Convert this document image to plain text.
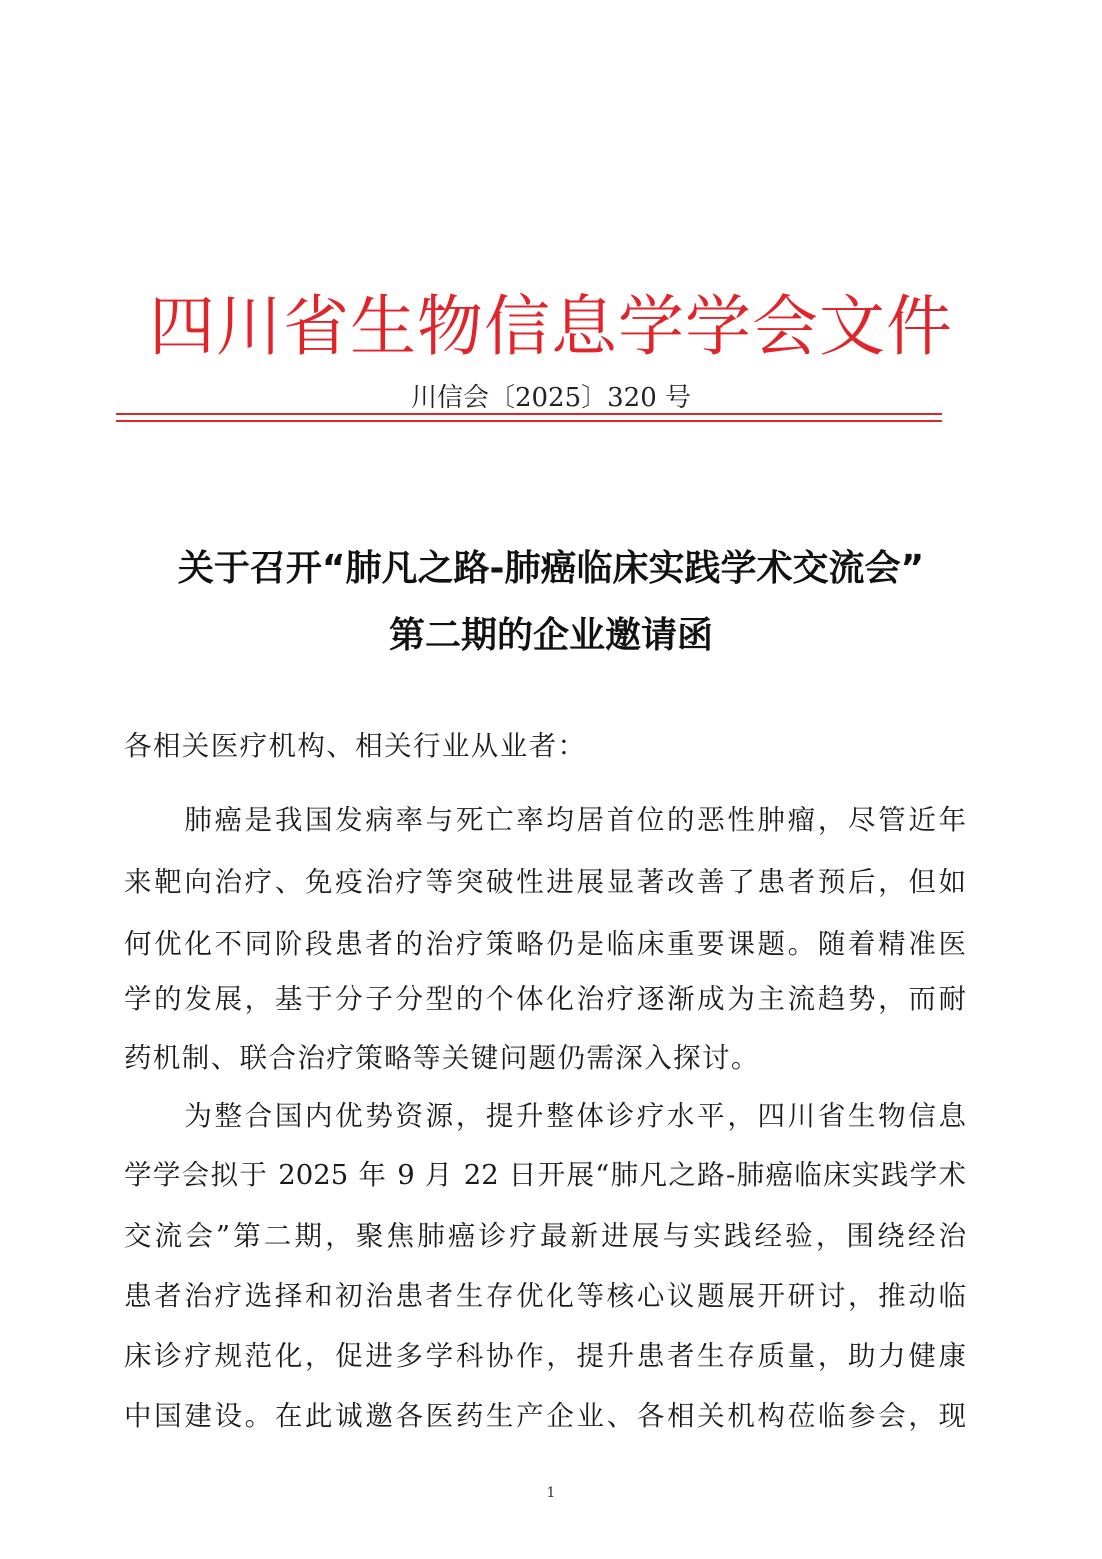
四川省生物信息学学会文件
川信会〔2025〕320 号
关于召开“肺凡之路-肺癌临床实践学术交流会”
第二期的企业邀请函
各相关医疗机构、相关行业从业者：
　　肺癌是我国发病率与死亡率均居首位的恶性肿瘤，尽管近年
来靶向治疗、免疫治疗等突破性进展显著改善了患者预后，但如
何优化不同阶段患者的治疗策略仍是临床重要课题。随着精准医
学的发展，基于分子分型的个体化治疗逐渐成为主流趋势，而耐
药机制、联合治疗策略等关键问题仍需深入探讨。
　　为整合国内优势资源，提升整体诊疗水平，四川省生物信息
学学会拟于 2025 年 9 月 22 日开展“肺凡之路-肺癌临床实践学术
交流会”第二期，聚焦肺癌诊疗最新进展与实践经验，围绕经治
患者治疗选择和初治患者生存优化等核心议题展开研讨，推动临
床诊疗规范化，促进多学科协作，提升患者生存质量，助力健康
中国建设。在此诚邀各医药生产企业、各相关机构莅临参会，现
1
